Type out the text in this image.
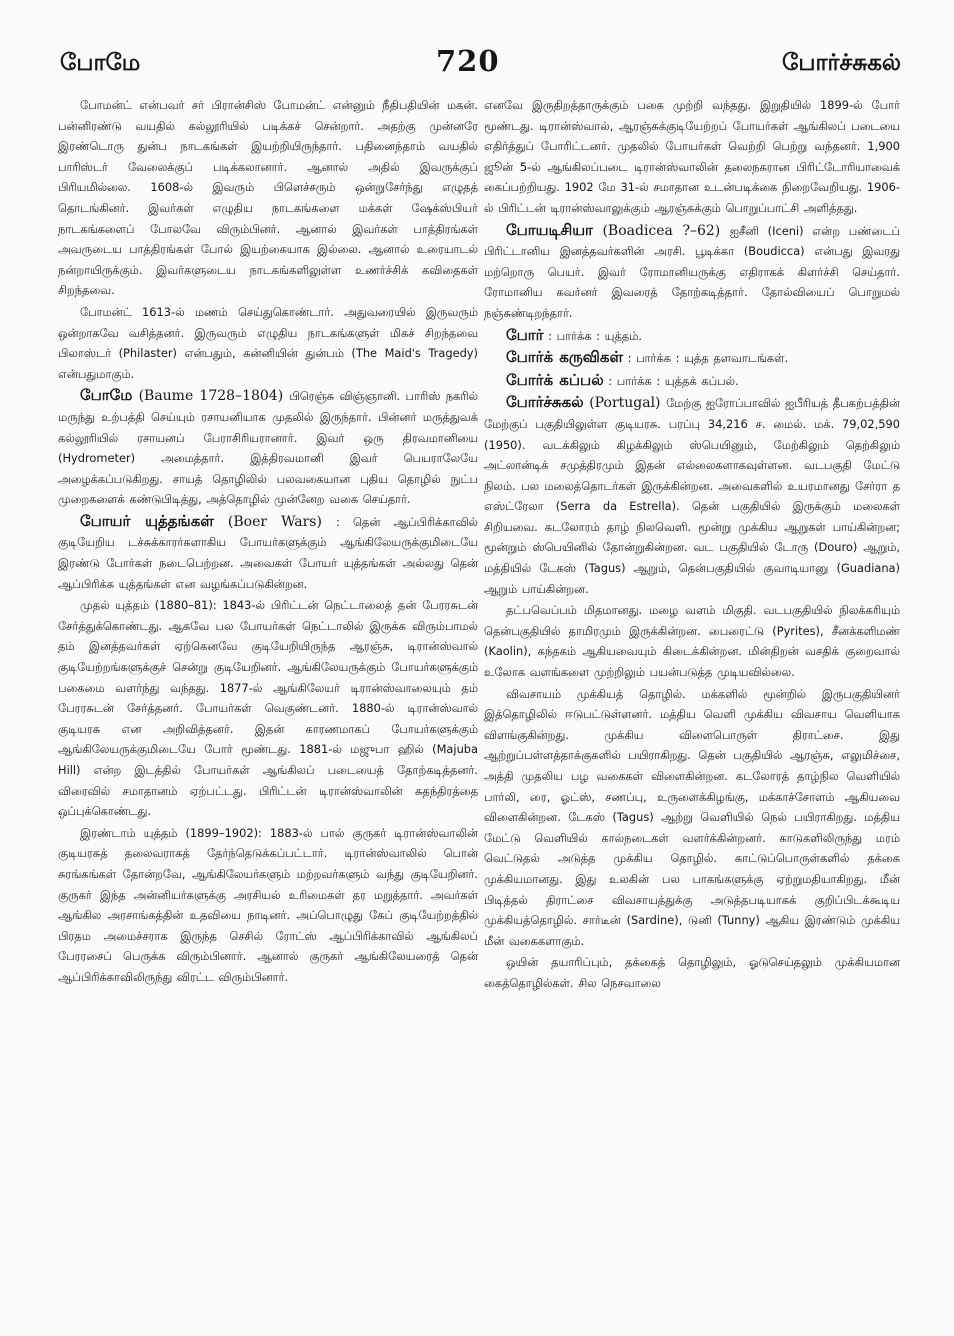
போமே	720	போர்ச்சுகல்

போமன்ட் என்பவர் சர் பிரான்சிஸ் போமன்ட் என்னும் நீதிபதியின் மகன். பன்னிரண்டு வயதில் கல்லூரியில் படிக்கச் சென்றார். அதற்கு முன்னரே இரண்டொரு துன்ப நாடகங்கள் இயற்றியிருந்தார். பதினைந்தாம் வயதில் பாரிஸ்டர் வேலைக்குப் படிக்கலானார். ஆனால் அதில் இவருக்குப் பிரியமில்லை. 1608-ல் இவரும் பிளெச்சரும் ஒன்றுசேர்ந்து எழுதத் தொடங்கினர். இவர்கள் எழுதிய நாடகங்களை மக்கள் ஷேக்ஸ்பியர் நாடகங்களைப் போலவே விரும்பினர். ஆனால் இவர்கள் பாத்திரங்கள் அவருடைய பாத்திரங்கள் போல் இயற்கையாக இல்லை. ஆனால் உரையாடல் நன்றாயிருக்கும். இவர்களுடைய நாடகங்களிலுள்ள உணர்ச்சிக் கவிதைகள் சிறந்தவை.

போமன்ட் 1613-ல் மணம் செய்துகொண்டார். அதுவரையில் இருவரும் ஒன்றாகவே வசித்தனர். இருவரும் எழுதிய நாடகங்களுள் மிகச் சிறந்தவை பிலாஸ்டர் (Philaster) என்பதும், கன்னியின் துன்பம் (The Maid's Tragedy) என்பதுமாகும்.

போமே (Baume 1728–1804) பிரெஞ்சு விஞ்ஞானி. பாரிஸ் நகரில் மருந்து உற்பத்தி செய்யும் ரசாயனியாக முதலில் இருந்தார். பின்னர் மருத்துவக் கல்லூரியில் ரசாயனப் பேராசிரியரானார். இவர் ஒரு திரவமானியை (Hydrometer) அமைத்தார். இத்திரவமானி இவர் பெயராலேயே அழைக்கப்படுகிறது. சாயத் தொழிலில் பலவகையான புதிய தொழில் நுட்ப முறைகளைக் கண்டுபிடித்து, அத்தொழில் முன்னேற வகை செய்தார்.

போயர் யுத்தங்கள் (Boer Wars) : தென் ஆப்பிரிக்காவில் குடியேறிய டச்சுக்காரர்களாகிய போயர்களுக்கும் ஆங்கிலேயருக்குமிடையே இரண்டு போர்கள் நடைபெற்றன. அவைகள் போயர் யுத்தங்கள் அல்லது தென் ஆப்பிரிக்க யுத்தங்கள் என வழங்கப்படுகின்றன.

முதல் யுத்தம் (1880–81): 1843-ல் பிரிட்டன் நெட்டாலைத் தன் பேரரசுடன் சேர்த்துக்கொண்டது. ஆகவே பல போயர்கள் நெட்டாலில் இருக்க விரும்பாமல் தம் இனத்தவர்கள் ஏற்கெனவே குடியேறியிருந்த ஆரஞ்சு, டிரான்ஸ்வால் குடியேற்றங்களுக்குச் சென்று குடியேறினர். ஆங்கிலேயருக்கும் போயர்களுக்கும் பகைமை வளர்ந்து வந்தது. 1877-ல் ஆங்கிலேயர் டிரான்ஸ்வாலையும் தம் பேரரசுடன் சேர்த்தனர். போயர்கள் வெகுண்டனர். 1880-ல் டிரான்ஸ்வால் குடியரசு என அறிவித்தனர். இதன் காரணமாகப் போயர்களுக்கும் ஆங்கிலேயருக்குமிடையே போர் மூண்டது. 1881-ல் மஜுபா ஹில் (Majuba Hill) என்ற இடத்தில் போயர்கள் ஆங்கிலப் படையைத் தோற்கடித்தனர். விரைவில் சமாதானம் ஏற்பட்டது. பிரிட்டன் டிரான்ஸ்வாலின் சுதந்திரத்தை ஒப்புக்கொண்டது.

இரண்டாம் யுத்தம் (1899–1902): 1883-ல் பால் குருகர் டிரான்ஸ்வாலின் குடியரசுத் தலைவராகத் தேர்ந்தெடுக்கப்பட்டார். டிரான்ஸ்வாலில் பொன் சுரங்கங்கள் தோன்றவே, ஆங்கிலேயர்களும் மற்றவர்களும் வந்து குடியேறினர். குருகர் இந்த அன்னியர்களுக்கு அரசியல் உரிமைகள் தர மறுத்தார். அவர்கள் ஆங்கில அரசாங்கத்தின் உதவியை நாடினர். அப்பொழுது கேப் குடியேற்றத்தில் பிரதம அமைச்சராக இருந்த செசில் ரோட்ஸ் ஆப்பிரிக்காவில் ஆங்கிலப் பேரரசைப் பெருக்க விரும்பினார். ஆனால் குருகர் ஆங்கிலேயரைத் தென் ஆப்பிரிக்காவிலிருந்து விரட்ட விரும்பினார்.

எனவே இருதிறத்தாருக்கும் பகை முற்றி வந்தது. இறுதியில் 1899-ல் போர் மூண்டது. டிரான்ஸ்வால், ஆரஞ்சுக்குடியேற்றப் போயர்கள் ஆங்கிலப் படையை எதிர்த்துப் போரிட்டனர். முதலில் போயர்கள் வெற்றி பெற்று வந்தனர். 1,900 ஜூன் 5-ல் ஆங்கிலப்படை டிரான்ஸ்வாலின் தலைநகரான பிரிட்டோரியாவைக் கைப்பற்றியது. 1902 மே 31-ல் சமாதான உடன்படிக்கை நிறைவேறியது. 1906-ல் பிரிட்டன் டிரான்ஸ்வாலுக்கும் ஆரஞ்சுக்கும் பொறுப்பாட்சி அளித்தது.

போயடிசியா (Boadicea ?–62) ஐசீனி (Iceni) என்ற பண்டைப் பிரிட்டானிய இனத்தவர்களின் அரசி. பூடிக்கா (Boudicca) என்பது இவரது மற்றொரு பெயர். இவர் ரோமானியருக்கு எதிராகக் கிளர்ச்சி செய்தார். ரோமானிய கவர்னர் இவரைத் தோற்கடித்தார். தோல்வியைப் பொறுமல் நஞ்சுண்டிறந்தார்.

போர் : பார்க்க : யுத்தம்.

போர்க் கருவிகள் : பார்க்க : யுத்த தளவாடங்கள்.

போர்க் கப்பல் : பார்க்க : யுத்தக் கப்பல்.

போர்ச்சுகல் (Portugal) மேற்கு ஐரோப்பாவில் ஐபீரியத் தீபகற்பத்தின் மேற்குப் பகுதியிலுள்ள குடியரசு. பரப்பு 34,216 ச. மைல். மக். 79,02,590 (1950). வடக்கிலும் கிழக்கிலும் ஸ்பெயினும், மேற்கிலும் தெற்கிலும் அட்லான்டிக் சமுத்திரமும் இதன் எல்லைகளாகவுள்ளன. வடபகுதி மேட்டு நிலம். பல மலைத்தொடர்கள் இருக்கின்றன. அவைகளில் உயரமானது சேர்ரா த எஸ்ட்ரேலா (Serra da Estrella). தென் பகுதியில் இருக்கும் மலைகள் சிறியவை. கடலோரம் தாழ் நிலவெளி. மூன்று முக்கிய ஆறுகள் பாய்கின்றன; மூன்றும் ஸ்பெயினில் தோன்றுகின்றன. வட பகுதியில் டோரு (Douro) ஆறும், மத்தியில் டேகஸ் (Tagus) ஆறும், தென்பகுதியில் குவாடியானு (Guadiana) ஆறும் பாய்கின்றன.

தட்பவெப்பம் மிதமானது. மழை வளம் மிகுதி. வடபகுதியில் நிலக்கரியும் தென்பகுதியில் தாமிரமும் இருக்கின்றன. பைரைட்டு (Pyrites), சீனக்களிமண் (Kaolin), கந்தகம் ஆகியவையும் கிடைக்கின்றன. மின்திறன் வசதிக் குறைவால் உலோக வளங்களை முற்றிலும் பயன்படுத்த முடியவில்லை.

விவசாயம் முக்கியத் தொழில். மக்களில் மூன்றில் இருபகுதியினர் இத்தொழிலில் ஈடுபட்டுள்ளனர். மத்திய வெளி முக்கிய விவசாய வெளியாக விளங்குகின்றது. முக்கிய விளைபொருள் திராட்சை. இது ஆற்றுப்பள்ளத்தாக்குகளில் பயிராகிறது. தென் பகுதியில் ஆரஞ்சு, எலுமிச்சை, அத்தி முதலிய பழ வகைகள் விளைகின்றன. கடலோரத் தாழ்நில வெளியில் பார்லி, ரை, ஓட்ஸ், சணப்பு, உருளைக்கிழங்கு, மக்காச்சோளம் ஆகியவை விளைகின்றன. டேகஸ் (Tagus) ஆற்று வெளியில் நெல் பயிராகிறது. மத்திய மேட்டு வெளியில் கால்நடைகள் வளர்க்கின்றனர். காடுகளிலிருந்து மரம் வெட்டுதல் அடுத்த முக்கிய தொழில். காட்டுப்பொருள்களில் தக்கை முக்கியமானது. இது உலகின் பல பாகங்களுக்கு ஏற்றுமதியாகிறது. மீன் பிடித்தல் திராட்சை விவசாயத்துக்கு அடுத்தபடியாகக் குறிப்பிடக்கூடிய முக்கியத்தொழில். சார்டீன் (Sardine), டுனி (Tunny) ஆகிய இரண்டும் முக்கிய மீன் வகைகளாகும்.

ஒயின் தயாரிப்பும், தக்கைத் தொழிலும், ஓடுசெய்தலும் முக்கியமான கைத்தொழில்கள். சில நெசவாலை
